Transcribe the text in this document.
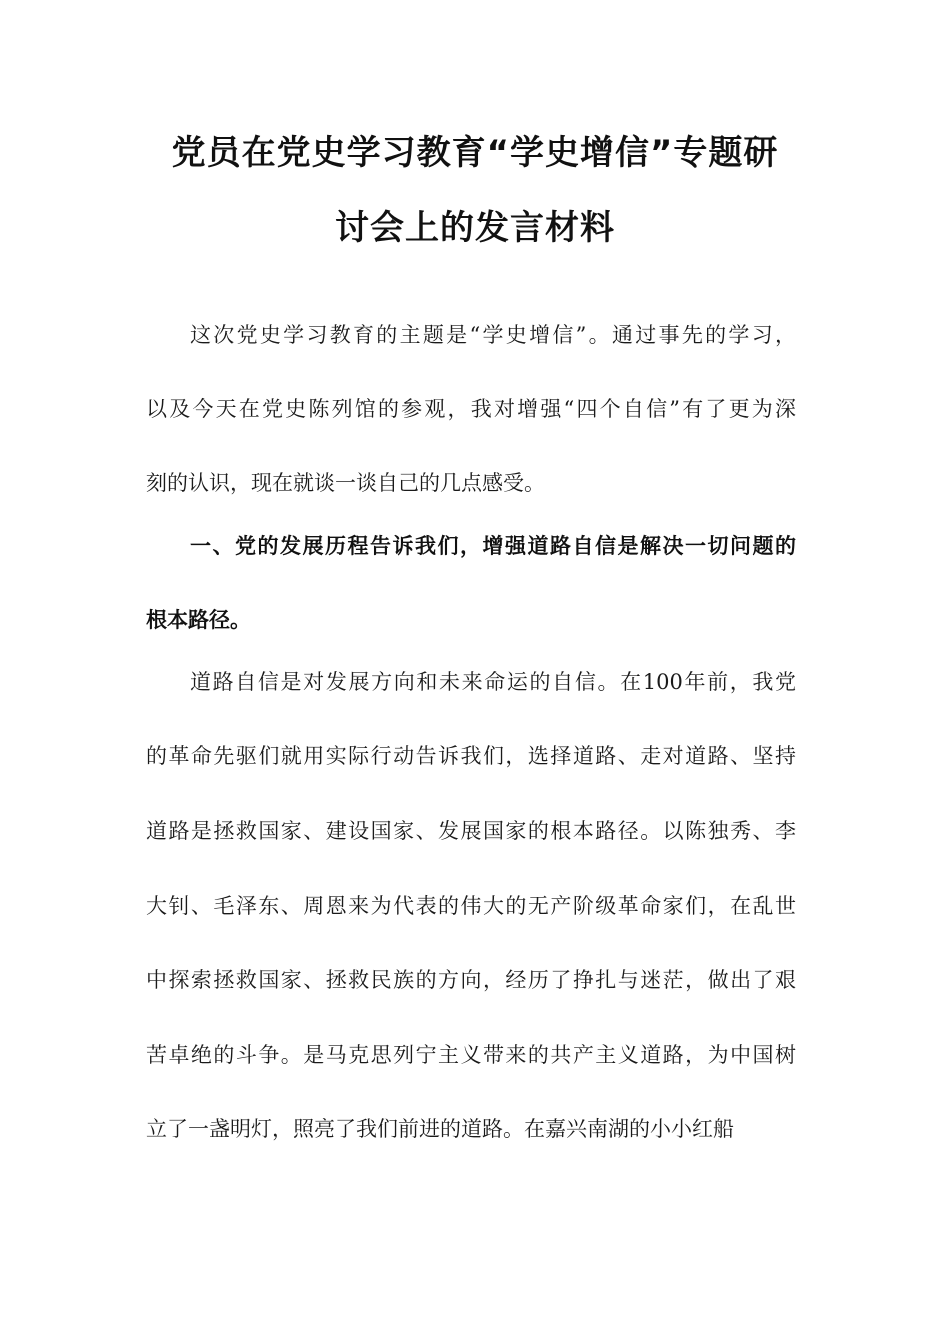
党员在党史学习教育“学史增信”专题研
讨会上的发言材料
这次党史学习教育的主题是“学史增信”。通过事先的学习，
以及今天在党史陈列馆的参观，我对增强“四个自信”有了更为深
刻的认识，现在就谈一谈自己的几点感受。
一、党的发展历程告诉我们，增强道路自信是解决一切问题的
根本路径。
道路自信是对发展方向和未来命运的自信。在100年前，我党
的革命先驱们就用实际行动告诉我们，选择道路、走对道路、坚持
道路是拯救国家、建设国家、发展国家的根本路径。以陈独秀、李
大钊、毛泽东、周恩来为代表的伟大的无产阶级革命家们，在乱世
中探索拯救国家、拯救民族的方向，经历了挣扎与迷茫，做出了艰
苦卓绝的斗争。是马克思列宁主义带来的共产主义道路，为中国树
立了一盏明灯，照亮了我们前进的道路。在嘉兴南湖的小小红船
